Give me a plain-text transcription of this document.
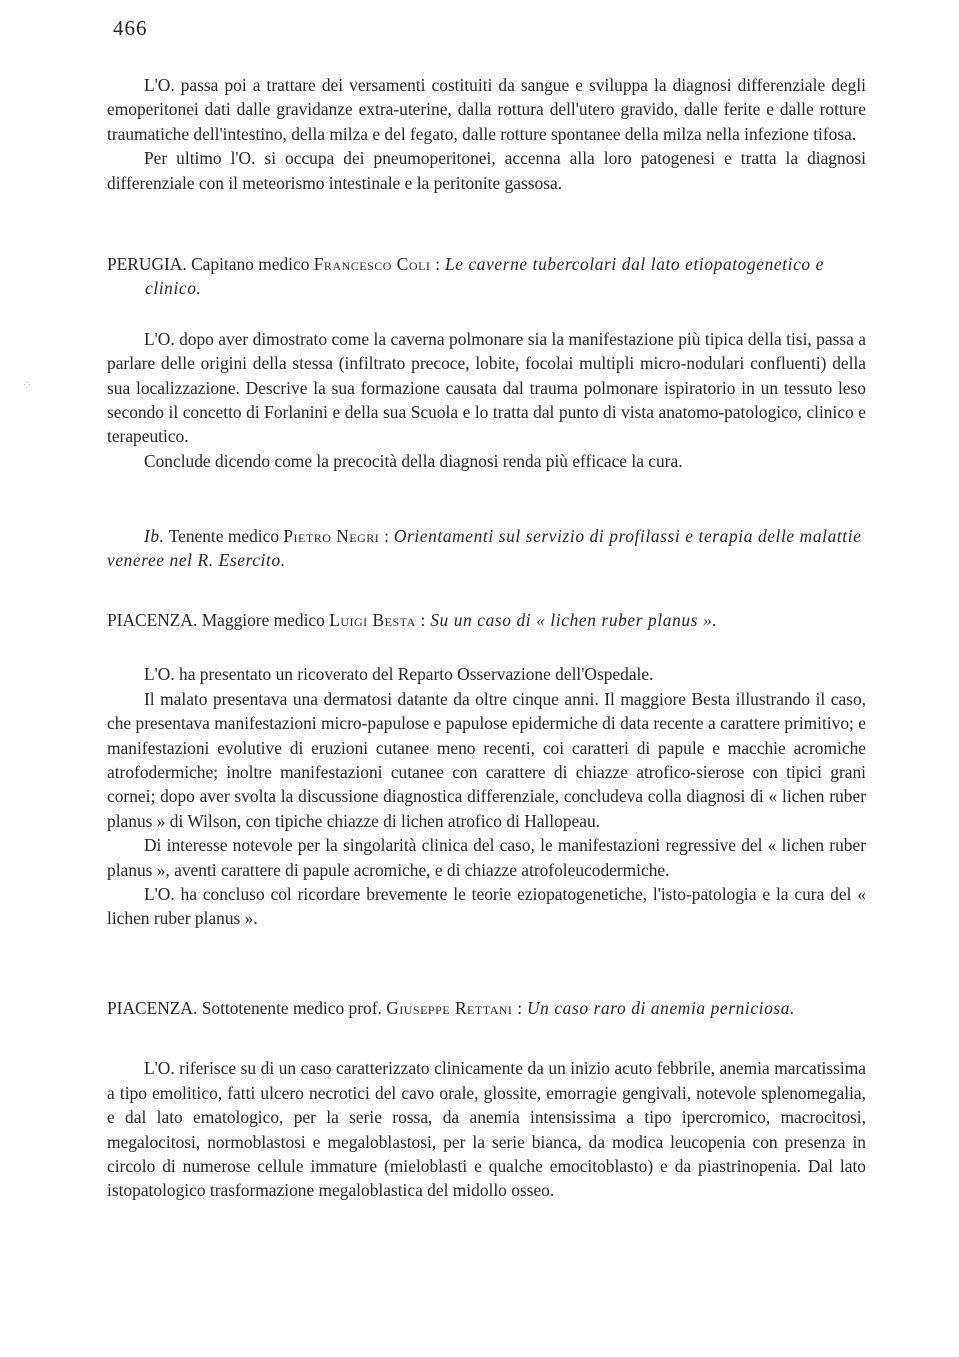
466
⁘

L'O. passa poi a trattare dei versamenti costituiti da sangue e sviluppa la diagnosi differenziale degli emoperitonei dati dalle gravidanze extra-uterine, dalla rottura dell'utero gravido, dalle ferite e dalle rotture traumatiche dell'intestino, della milza e del fegato, dalle rotture spontanee della milza nella infezione tifosa.

Per ultimo l'O. si occupa dei pneumoperitonei, accenna alla loro patogenesi e tratta la diagnosi differenziale con il meteorismo intestinale e la peritonite gassosa.

PERUGIA. Capitano medico Francesco Coli : Le caverne tubercolari dal lato etiopatogenetico e clinico.

L'O. dopo aver dimostrato come la caverna polmonare sia la manifestazione più tipica della tisi, passa a parlare delle origini della stessa (infiltrato precoce, lobite, focolai multipli micro-nodulari confluenti) della sua localizzazione. Descrive la sua formazione causata dal trauma polmonare ispiratorio in un tessuto leso secondo il concetto di Forlanini e della sua Scuola e lo tratta dal punto di vista anatomo-patologico, clinico e terapeutico.

Conclude dicendo come la precocità della diagnosi renda più efficace la cura.

Ib. Tenente medico Pietro Negri : Orientamenti sul servizio di profilassi e terapia delle malattie veneree nel R. Esercito.
PIACENZA. Maggiore medico Luigi Besta : Su un caso di « lichen ruber planus ».

L'O. ha presentato un ricoverato del Reparto Osservazione dell'Ospedale.

Il malato presentava una dermatosi datante da oltre cinque anni. Il maggiore Besta illustrando il caso, che presentava manifestazioni micro-papulose e papulose epidermiche di data recente a carattere primitivo; e manifestazioni evolutive di eruzioni cutanee meno recenti, coi caratteri di papule e macchie acromiche atrofodermiche; inoltre manifestazioni cutanee con carattere di chiazze atrofico-sierose con tipici grani cornei; dopo aver svolta la discussione diagnostica differenziale, concludeva colla diagnosi di « lichen ruber planus » di Wilson, con tipiche chiazze di lichen atrofico di Hallopeau.

Di interesse notevole per la singolarità clinica del caso, le manifestazioni regressive del « lichen ruber planus », aventi carattere di papule acromiche, e di chiazze atrofoleucodermiche.

L'O. ha concluso col ricordare brevemente le teorie eziopatogenetiche, l'isto-patologia e la cura del « lichen ruber planus ».

PIACENZA. Sottotenente medico prof. Giuseppe Rettani : Un caso raro di anemia perniciosa.

L'O. riferisce su di un caso caratterizzato clinicamente da un inizio acuto febbrile, anemia marcatissima a tipo emolitico, fatti ulcero necrotici del cavo orale, glossite, emorragie gengivali, notevole splenomegalia, e dal lato ematologico, per la serie rossa, da anemia intensissima a tipo ipercromico, macrocitosi, megalocitosi, normoblastosi e megaloblastosi, per la serie bianca, da modica leucopenia con presenza in circolo di numerose cellule immature (mieloblasti e qualche emocitoblasto) e da piastrinopenia. Dal lato istopatologico trasformazione megaloblastica del midollo osseo.
